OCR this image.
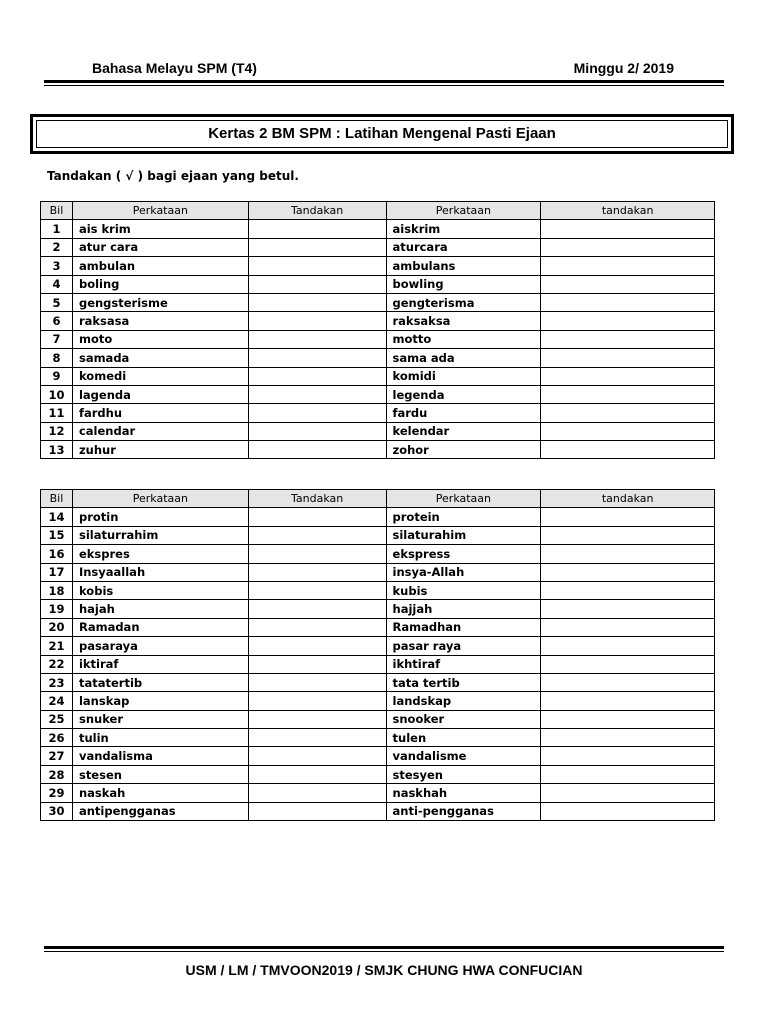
Bahasa Melayu SPM (T4)	Minggu 2/ 2019
Kertas 2 BM SPM : Latihan Mengenal Pasti Ejaan
Tandakan ( √ ) bagi ejaan yang betul.
Bil	Perkataan	Tandakan	Perkataan	tandakan
1	ais krim		aiskrim	
2	atur cara		aturcara	
3	ambulan		ambulans	
4	boling		bowling	
5	gengsterisme		gengterisma	
6	raksasa		raksaksa	
7	moto		motto	
8	samada		sama ada	
9	komedi		komidi	
10	lagenda		legenda	
11	fardhu		fardu	
12	calendar		kelendar	
13	zuhur		zohor	
Bil	Perkataan	Tandakan	Perkataan	tandakan
14	protin		protein	
15	silaturrahim		silaturahim	
16	ekspres		ekspress	
17	Insyaallah		insya-Allah	
18	kobis		kubis	
19	hajah		hajjah	
20	Ramadan		Ramadhan	
21	pasaraya		pasar raya	
22	iktiraf		ikhtiraf	
23	tatatertib		tata tertib	
24	lanskap		landskap	
25	snuker		snooker	
26	tulin		tulen	
27	vandalisma		vandalisme	
28	stesen		stesyen	
29	naskah		naskhah	
30	antipengganas		anti-pengganas	
USM / LM / TMVOON2019 / SMJK CHUNG HWA CONFUCIAN
